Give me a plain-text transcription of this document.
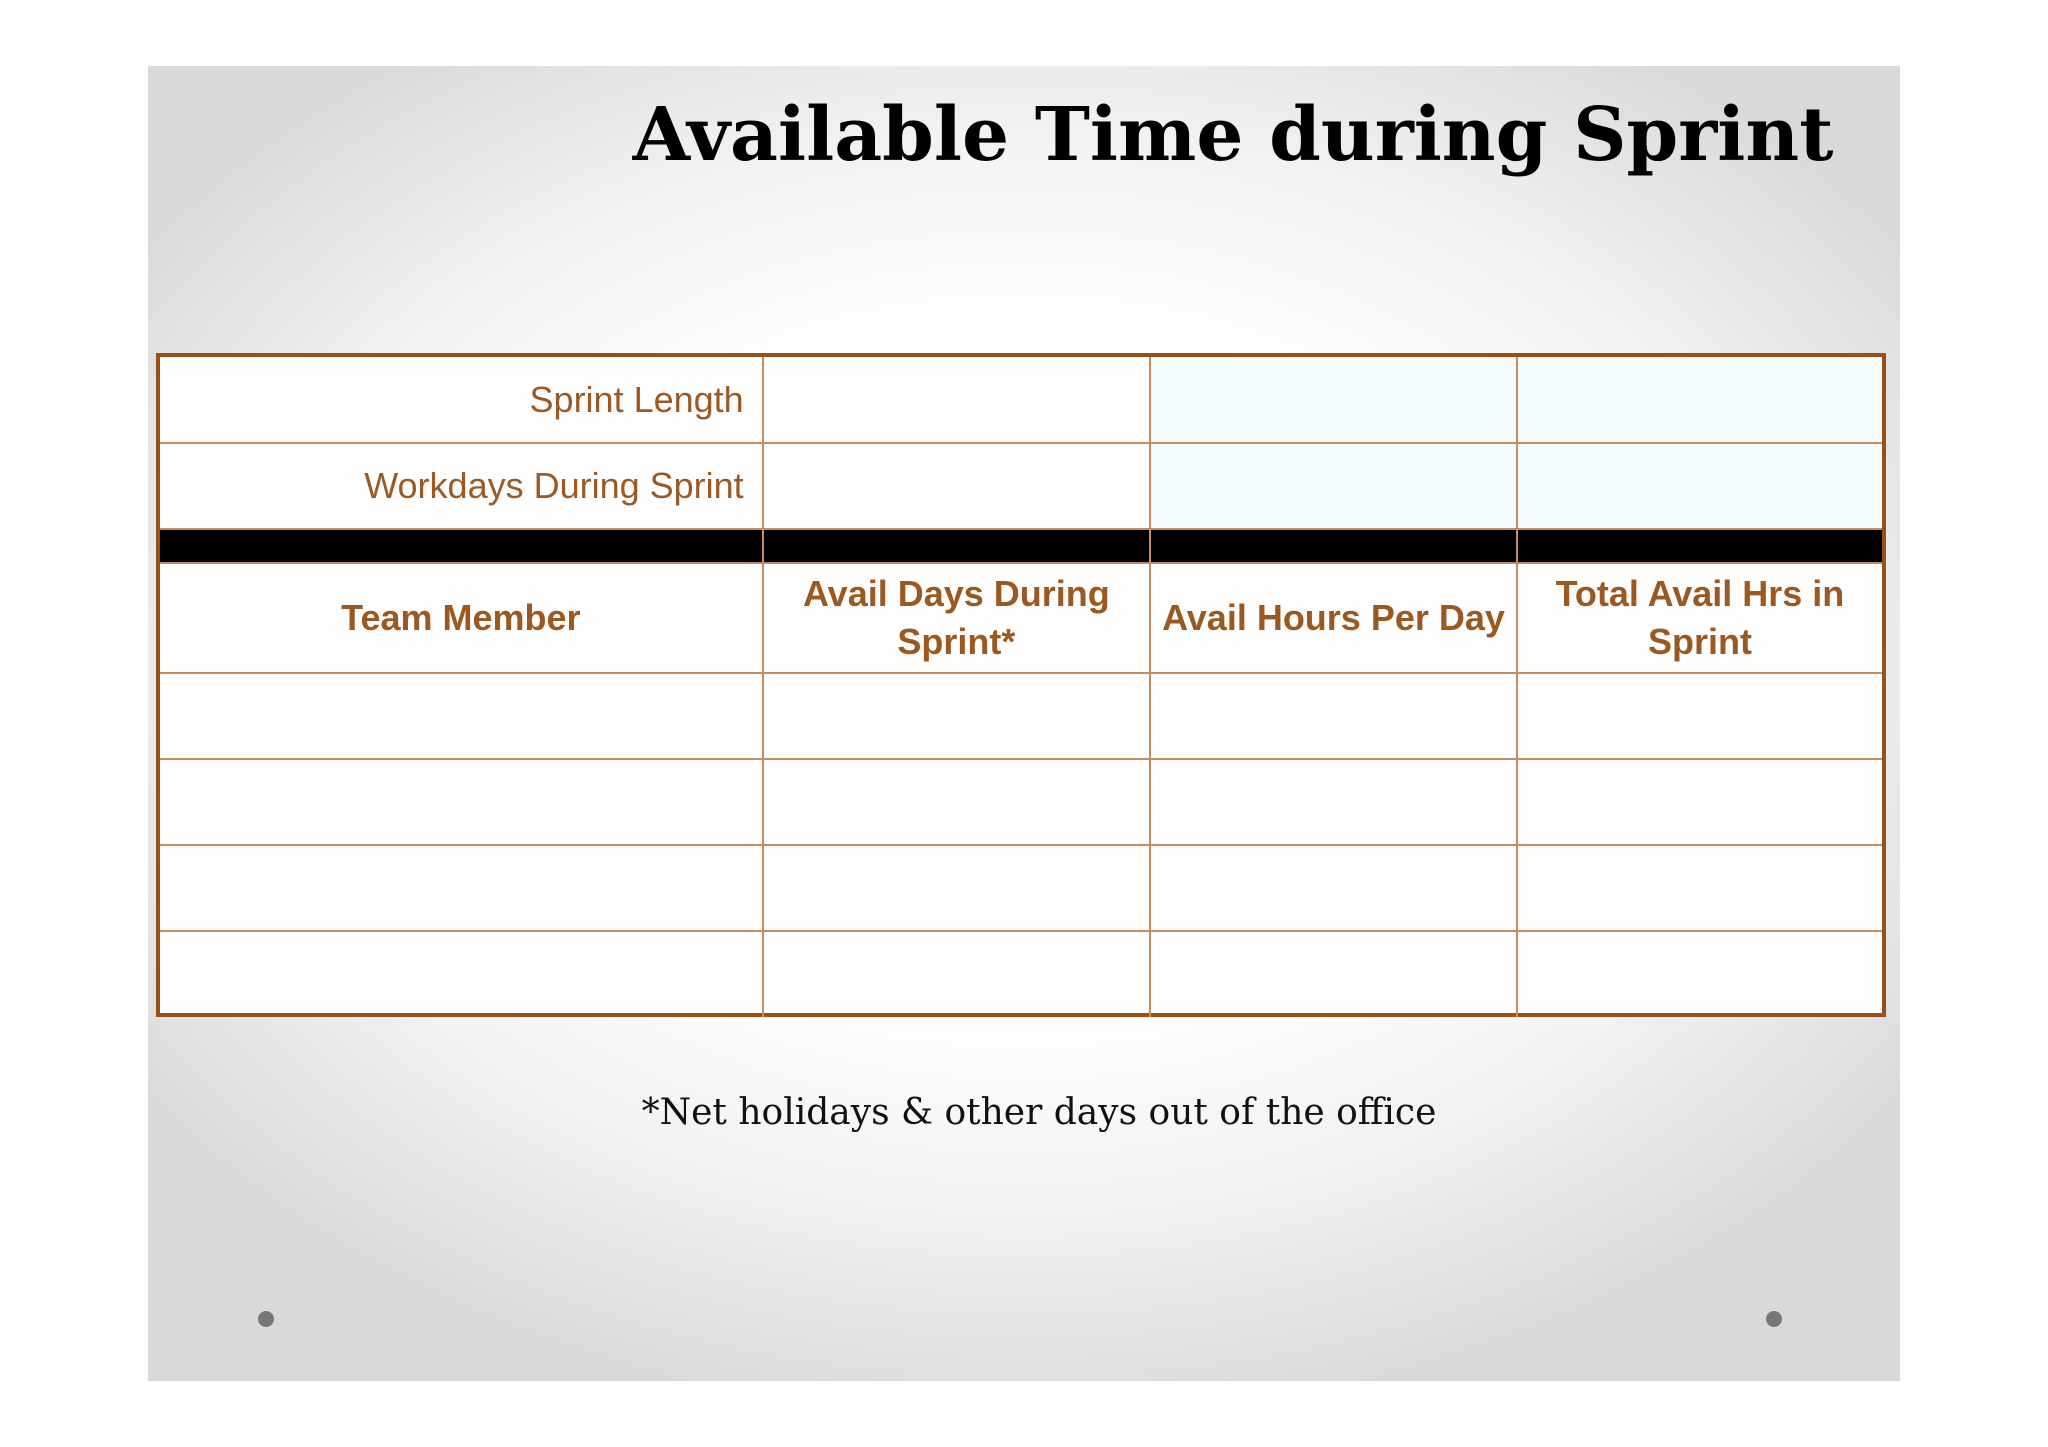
Available Time during Sprint
Sprint Length			
Workdays During Sprint			

Team Member	Avail Days During Sprint*	Avail Hours Per Day	Total Avail Hrs in Sprint

*Net holidays & other days out of the office
